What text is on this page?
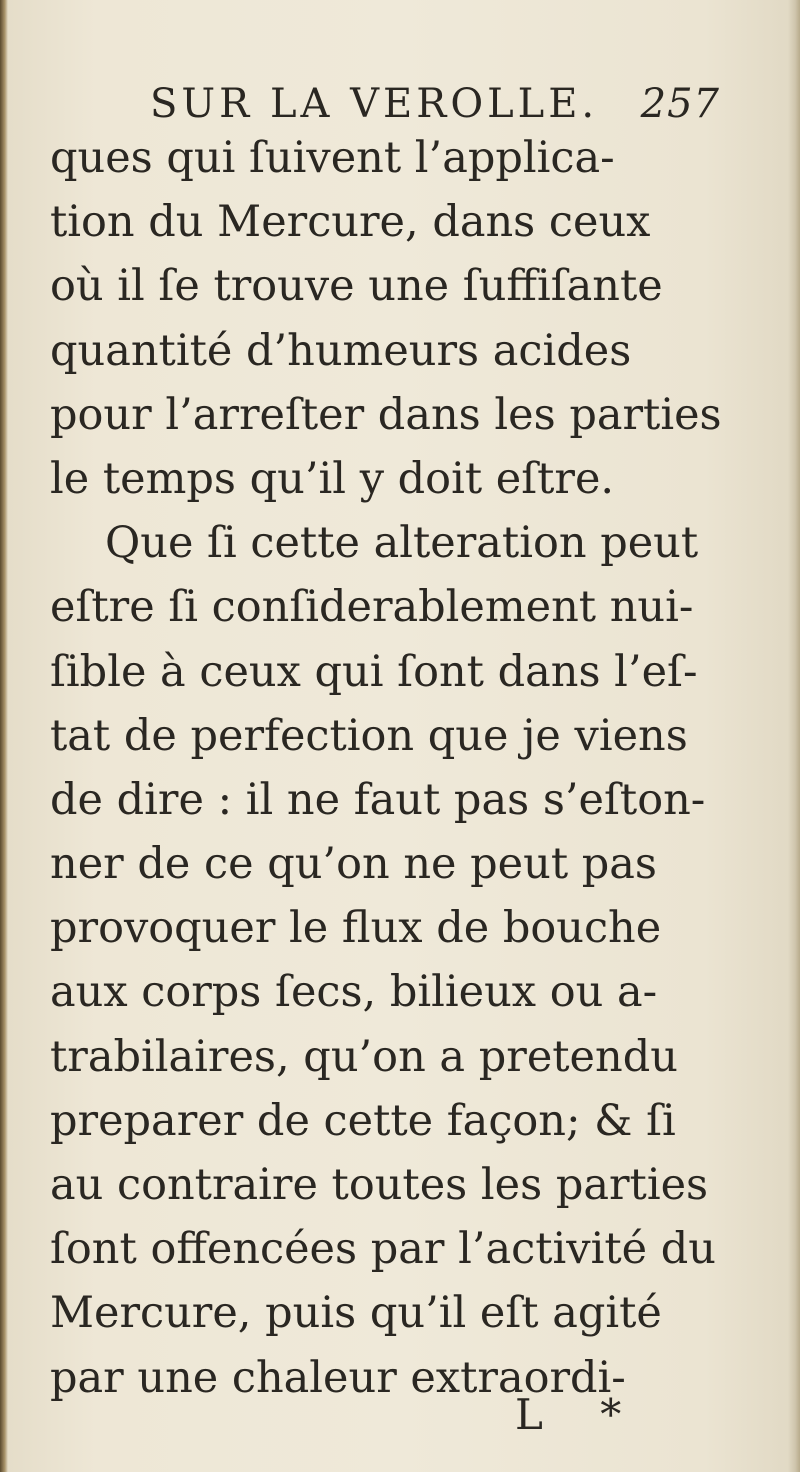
SUR LA VEROLLE. 257
ques qui ſuivent l’applica-
tion du Mercure, dans ceux
où il ſe trouve une ſuffiſante
quantité d’humeurs acides
pour l’arreſter dans les parties
le temps qu’il y doit eſtre.
Que ſi cette alteration peut
eſtre ſi conſiderablement nui-
ſible à ceux qui ſont dans l’eſ-
tat de perfection que je viens
de dire : il ne faut pas s’eſton-
ner de ce qu’on ne peut pas
provoquer le flux de bouche
aux corps ſecs, bilieux ou a-
trabilaires, qu’on a pretendu
preparer de cette façon; & ſi
au contraire toutes les parties
ſont offencées par l’activité du
Mercure, puis qu’il eſt agité
par une chaleur extraordi-
L *
